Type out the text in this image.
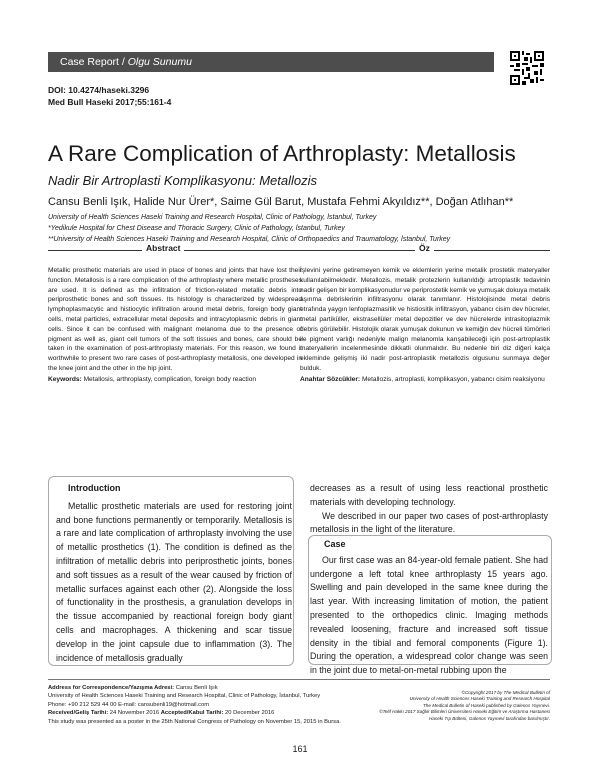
Case Report / Olgu Sunumu
DOI: 10.4274/haseki.3296
Med Bull Haseki 2017;55:161-4
A Rare Complication of Arthroplasty: Metallosis
Nadir Bir Artroplasti Komplikasyonu: Metallozis
Cansu Benli Işık, Halide Nur Ürer*, Saime Gül Barut, Mustafa Fehmi Akyıldız**, Doğan Atlıhan**
University of Health Sciences Haseki Training and Research Hospital, Clinic of Pathology, İstanbul, Turkey
*Yedikule Hospital for Chest Disease and Thoracic Surgery, Clinic of Pathology, İstanbul, Turkey
**University of Health Sciences Haseki Training and Research Hospital, Clinic of Orthopaedics and Traumatology, İstanbul, Turkey
Abstract	Öz
Metallic prosthetic materials are used in place of bones and joints that have lost their function. Metallosis is a rare complication of the arthroplasty where metallic prostheses are used. It is defined as the infiltration of friction-related metallic debris into periprosthetic bones and soft tissues. Its histology is characterized by widespread lymphoplasmacytic and histiocytic infiltration around metal debris, foreign body giant cells, metal particles, extracellular metal deposits and intracytoplasmic debris in giant cells. Since it can be confused with malignant melanoma due to the presence of pigment as well as, giant cell tumors of the soft tissues and bones, care should be taken in the examination of post-arthroplasty materials. For this reason, we found it worthwhile to present two rare cases of post-arthroplasty metallosis, one developed in the knee joint and the other in the hip joint.
Keywords: Metallosis, arthroplasty, complication, foreign body reaction
İşlevini yerine getiremeyen kemik ve eklemlerin yerine metalik prostetik materyaller kullanılabilmektedir. Metallozis, metalik protezlerin kullanıldığı artroplastik tedavinin nadir gelişen bir komplikasyonudur ve periprostetik kemik ve yumuşak dokuya metalik aşınma debrislerinin infiltrasyonu olarak tanımlanır. Histolojisinde metal debris etrafında yaygın lenfoplazmasitik ve histiositik infiltrasyon, yabancı cisim dev hücreler, metal partiküller, ekstrasellüler metal depozitler ve dev hücrelerde intrasitoplazmik debris görülebilir. Histolojik olarak yumuşak dokunun ve kemiğin dev hücreli tümörleri ile pigment varlığı nedeniyle malign melanomla karışabileceği için post-artroplastik materyallerin incelenmesinde dikkatli olunmalıdır. Bu nedenle biri diz diğeri kalça ekleminde gelişmiş iki nadir post-artroplastik metallozis olgusunu sunmaya değer bulduk.
Anahtar Sözcükler: Metallozis, artroplasti, komplikasyon, yabancı cisim reaksiyonu
Introduction

Metallic prosthetic materials are used for restoring joint and bone functions permanently or temporarily. Metallosis is a rare and late complication of arthroplasty involving the use of metallic prosthetics (1). The condition is defined as the infiltration of metallic debris into periprosthetic joints, bones and soft tissues as a result of the wear caused by friction of metallic surfaces against each other (2). Alongside the loss of functionality in the prosthesis, a granulation develops in the tissue accompanied by reactional foreign body giant cells and macrophages. A thickening and scar tissue develop in the joint capsule due to inflammation (3). The incidence of metallosis gradually

decreases as a result of using less reactional prosthetic materials with developing technology.

We described in our paper two cases of post-arthroplasty metallosis in the light of the literature.

Case

Our first case was an 84-year-old female patient. She had undergone a left total knee arthroplasty 15 years ago. Swelling and pain developed in the same knee during the last year. With increasing limitation of motion, the patient presented to the orthopedics clinic. Imaging methods revealed loosening, fracture and increased soft tissue density in the tibial and femoral components (Figure 1). During the operation, a widespread color change was seen in the joint due to metal-on-metal rubbing upon the

Address for Correspondence/Yazışma Adresi: Cansu Benli Işık
University of Health Sciences Haseki Training and Research Hospital, Clinic of Pathology, İstanbul, Turkey
Phone: +90 212 529 44 00 E-mail: cansubenli19@hotmail.com
Received/Geliş Tarihi: 24 November 2016 Accepted/Kabul Tarihi: 20 December 2016
This study was presented as a poster in the 25th National Congress of Pathology on November 15, 2015 in Bursa.
©Copyright 2017 by The Medical Bulletin of
University of Health Sciences Haseki Training and Research Hospital
The Medical Bulletin of Haseki published by Galenos Yayınevi.
©Telif Hakkı 2017 Sağlık Bilimleri Üniversitesi Haseki Eğitim ve Araştırma Hastanesi
Haseki Tıp Bülteni, Galenos Yayınevi tarafından basılmıştır.
161
